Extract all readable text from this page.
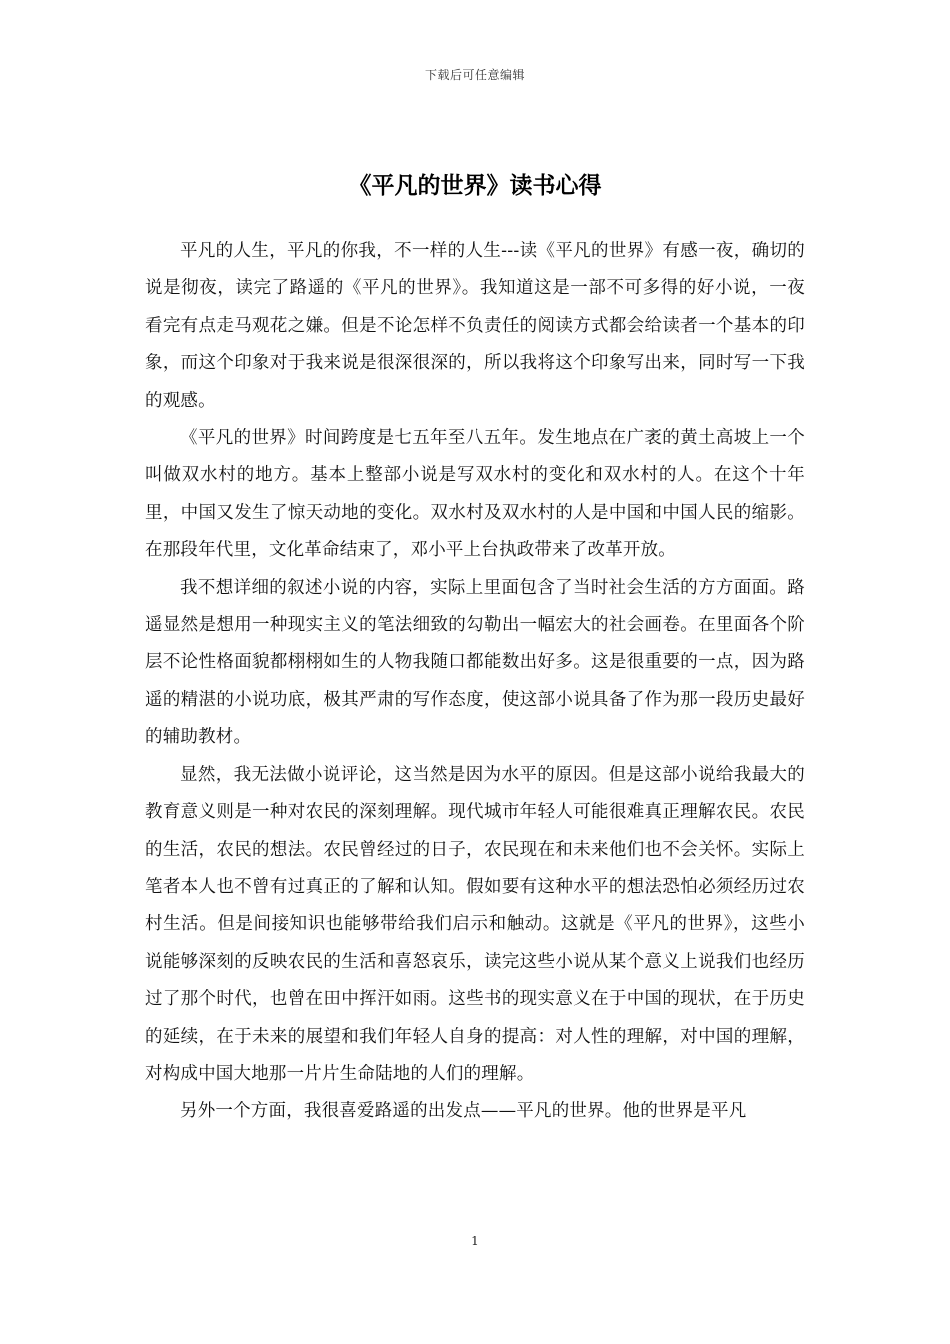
下载后可任意编辑
《平凡的世界》读书心得

平凡的人生，平凡的你我，不一样的人生---读《平凡的世界》有感一夜，确切的说是彻夜，读完了路遥的《平凡的世界》。我知道这是一部不可多得的好小说，一夜看完有点走马观花之嫌。但是不论怎样不负责任的阅读方式都会给读者一个基本的印象，而这个印象对于我来说是很深很深的，所以我将这个印象写出来，同时写一下我的观感。

《平凡的世界》时间跨度是七五年至八五年。发生地点在广袤的黄土高坡上一个叫做双水村的地方。基本上整部小说是写双水村的变化和双水村的人。在这个十年里，中国又发生了惊天动地的变化。双水村及双水村的人是中国和中国人民的缩影。在那段年代里，文化革命结束了，邓小平上台执政带来了改革开放。

我不想详细的叙述小说的内容，实际上里面包含了当时社会生活的方方面面。路遥显然是想用一种现实主义的笔法细致的勾勒出一幅宏大的社会画卷。在里面各个阶层不论性格面貌都栩栩如生的人物我随口都能数出好多。这是很重要的一点，因为路遥的精湛的小说功底，极其严肃的写作态度，使这部小说具备了作为那一段历史最好的辅助教材。

显然，我无法做小说评论，这当然是因为水平的原因。但是这部小说给我最大的教育意义则是一种对农民的深刻理解。现代城市年轻人可能很难真正理解农民。农民的生活，农民的想法。农民曾经过的日子，农民现在和未来他们也不会关怀。实际上笔者本人也不曾有过真正的了解和认知。假如要有这种水平的想法恐怕必须经历过农村生活。但是间接知识也能够带给我们启示和触动。这就是《平凡的世界》，这些小说能够深刻的反映农民的生活和喜怒哀乐，读完这些小说从某个意义上说我们也经历过了那个时代，也曾在田中挥汗如雨。这些书的现实意义在于中国的现状，在于历史的延续，在于未来的展望和我们年轻人自身的提高：对人性的理解，对中国的理解，对构成中国大地那一片片生命陆地的人们的理解。

另外一个方面，我很喜爱路遥的出发点——平凡的世界。他的世界是平凡

1
